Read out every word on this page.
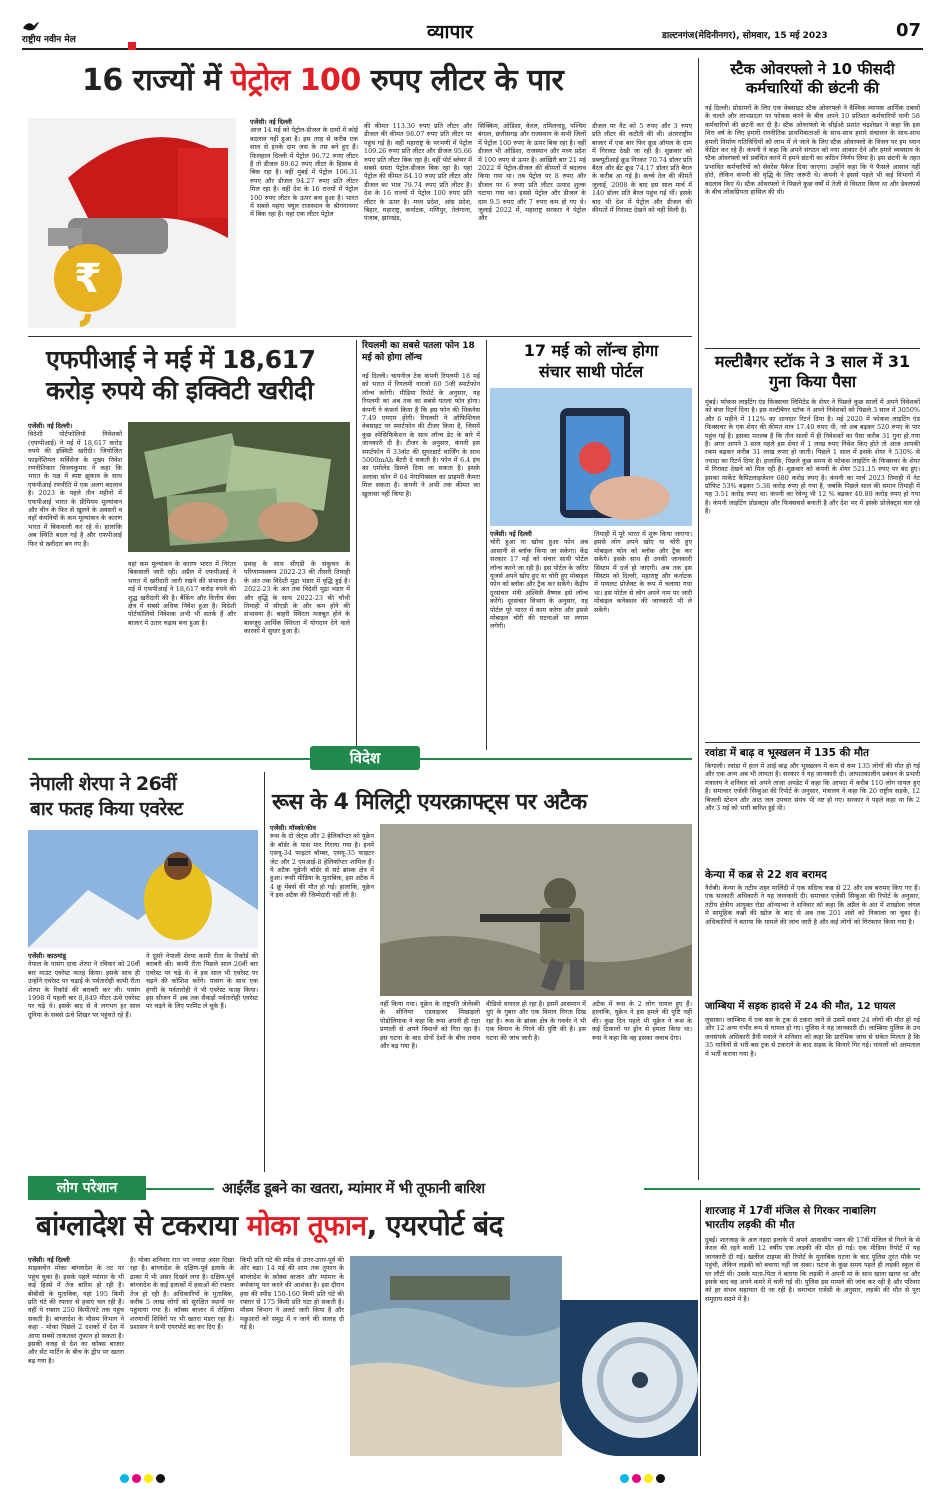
राष्ट्रीय नवीन मेल	व्यापार	डाल्टनगंज(मेदिनीनगर), सोमवार, 15 मई 2023	07
16 राज्यों में पेट्रोल 100 रुपए लीटर के पार
₹
एजेंसी। नई दिल्ली
आज 14 मई को पेट्रोल-डीजल के दामों में कोई बदलाव नहीं हुआ है। इस तरह से करीब एक साल से इनके दाम जस के तस बने हुए हैं। फिलहाल दिल्ली में पेट्रोल 96.72 रुपए लीटर है तो डीजल 89.62 रुपए लीटर के हिसाब से बिक रहा है। वहीं मुंबई में पेट्रोल 106.31 रुपए और डीजल 94.27 रुपए प्रति लीटर मिल रहा है। वहीं देश के 16 राज्यों में पेट्रोल 100 रुपए लीटर के ऊपर बना हुआ है। भारत में सबसे महंगा फ्यूल राजस्थान के श्रीगंगानगर में बिक रहा है। यहां एक लीटर पेट्रोल
की कीमत 113.30 रुपए प्रति लीटर और डीजल की कीमत 98.07 रुपए प्रति लीटर पर पहुंच गई है। वहीं महाराष्ट्र के परभणी में पेट्रोल 109.26 रुपए प्रति लीटर और डीजल 95.66 रुपए प्रति लीटर बिक रहा है। वहीं पोर्ट ब्लेयर में सबसे सस्ता पेट्रोल-डीजल बिक रहा है। यहां पेट्रोल की कीमत 84.10 रुपए प्रति लीटर और डीजल का भाव 79.74 रुपए प्रति लीटर है। देश के 16 राज्यों में पेट्रोल 100 रुपए प्रति लीटर के ऊपर है। मध्य प्रदेश, आंध्र प्रदेश, बिहार, महाराष्ट्र, कर्नाटक, मणिपुर, तेलंगाना, पंजाब, झारखंड,
सिक्किम, ओडिशा, केरल, तमिलनाडु, पश्चिम बंगाल, छत्तीसगढ़ और राजस्थान के सभी जिलों में पेट्रोल 100 रुपए के ऊपर बिक रहा है। वहीं डीजल भी ओडिशा, राजस्थान और मध्य प्रदेश में 100 रुपए से ऊपर है। आखिरी बार 21 मई 2022 में पेट्रोल-डीजल की कीमतों में बदलाव किया गया था। तब पेट्रोल पर 8 रुपए और डीजल पर 6 रुपए प्रति लीटर उत्पाद शुल्क घटाया गया था। इससे पेट्रोल और डीजल के दाम 9.5 रुपए और 7 रुपए कम हो गए थे। जुलाई 2022 में, महाराष्ट्र सरकार ने पेट्रोल और
डीजल पर वैट को 5 रुपए और 3 रुपए प्रति लीटर की कटौती की थी। अंतरराष्ट्रीय बाजार में एक बार फिर क्रूड ऑयल के दाम में गिरावट देखी जा रही है। शुक्रवार को डब्ल्यूटीआई क्रूड गिरकर 70.74 डॉलर प्रति बैरल और ब्रेंट क्रूड 74.17 डॉलर प्रति बैरल के करीब आ गई है। कच्चे तेल की कीमतें जुलाई, 2008 के बाद इस साल मार्च में 140 डॉलर प्रति बैरल पहुंच गई थीं। इसके बाद भी देश में पेट्रोल और डीजल की कीमतों में गिरावट देखने को नहीं मिली है।
स्टैक ओवरफ्लो ने 10 फीसदी कर्मचारियों की छंटनी की
नई दिल्ली। प्रोग्रामरों के लिए एक वेबसाइट स्टैक ओवरफ्लो ने वैश्विक व्यापक आर्थिक दबावों के चलते और लाभप्रदता पर फोकस करने के बीच अपने 10 प्रतिशत कर्मचारियों यानी 58 कर्मचारियों की छंटनी कर दी है। स्टैक ओवरफ्लो के सीईओ प्रशांत चंद्रशेखर ने कहा कि इस वित्त वर्ष के लिए हमारी रणनीतिक प्राथमिकताओं के साथ-साथ हमारे संचालन के साथ-साथ हमारी निर्माण गतिविधियों को लाभ में ले जाने के लिए स्टैक ओवरफ्लो के विजन पर हम ध्यान केंद्रित कर रहे हैं। कंपनी ने कहा कि अपने संगठन को नया आकार देने और हमारे व्यवसाय के स्टैक ओवरफ्लो को प्रबंधित करने में हमने छंटनी का कठिन निर्णय लिया है। इस छंटनी के तहत प्रभावित कर्मचारियों को सेवरेंस पैकेज दिया जाएगा। उन्होंने कहा कि ये फैसले आसान नहीं होते, लेकिन कंपनी की वृद्धि के लिए जरूरी थे। कंपनी ने इससे पहले भी कई विभागों में बदलाव किए थे। स्टैक ओवरफ्लो ने पिछले कुछ वर्षों में तेजी से विस्तार किया था और डेवलपर्स के बीच लोकप्रियता हासिल की थी।
मल्टीबैगर स्टॉक ने 3 साल में 31 गुना किया पैसा
मुंबई। फोकस लाइटिंग एंड फिक्सचर लिमिटेड के शेयर ने पिछले कुछ सालों में अपने निवेशकों को बंपर रिटर्न दिया है। इस मल्टीबैगर स्टॉक ने अपने निवेशकों को पिछले 3 साल में 3050% और 6 महीने में 112% का शानदार रिटर्न दिया है। मई 2020 में फोकस लाइटिंग एंड फिक्सचर के एक शेयर की कीमत मात्र 17.40 रुपए थी, जो अब बढ़कर 520 रुपए के पार पहुंच गई है। इसका मतलब है कि तीन सालों में ही निवेशकों का पैसा करीब 31 गुना हो गया है। अगर आपने 3 साल पहले इस शेयर में 1 लाख रुपए निवेश किए होते तो आज आपकी रकम बढ़कर करीब 31 लाख रुपए हो जाती। पिछले 1 साल में इसके शेयर ने 530% से ज्यादा का रिटर्न दिया है। हालांकि, पिछले कुछ समय से फोकस लाइटिंग के फिक्सचर के शेयर में गिरावट देखने को मिल रही है। शुक्रवार को कंपनी के शेयर 521.15 रुपए पर बंद हुए। इसका मार्केट कैपिटलाइजेशन 680 करोड़ रुपए है। कंपनी का मार्च 2023 तिमाही में नेट प्रॉफिट 53% बढ़कर 5.38 करोड़ रुपए हो गया है, जबकि पिछले साल की समान तिमाही में यह 3.51 करोड़ रुपए था। कंपनी का रेवेन्यू भी 12 % बढ़कर 40.89 करोड़ रुपए हो गया है। कंपनी लाइटिंग प्रोडक्ट्स और फिक्सचर्स बनाती है और देश भर में इसके प्रोजेक्ट्स चल रहे हैं।
एफपीआई ने मई में 18,617
करोड़ रुपये की इक्विटी खरीदी
एजेंसी। नई दिल्ली।
विदेशी पोर्टफोलियो निवेशकों (एफपीआई) ने मई में 18,617 करोड़ रुपये की इक्विटी खरीदी। जियोजित फाइनेंशियल सर्विसेज के मुख्य निवेश रणनीतिकार विजयकुमार ने कहा कि भारत के पक्ष में स्पष्ट झुकाव के साथ एफपीआई रणनीति में एक अलग बदलाव है। 2023 के पहले तीन महीनों में एफपीआई भारत के प्रीमियम मूल्यांकन और चीन के फिर से खुलने के अवसरों व वहाँ कंपनियों के कम मूल्यांकन के कारण भारत में बिकवाली कर रहे थे। हालांकि अब स्थिति बदल गई है और एफपीआई फिर से खरीदार बन गए हैं।
वहां कम मूल्यांकन के कारण भारत में निरंतर बिकवाली जारी रही। अप्रैल में एफपीआई ने भारत में खरीदारी जारी रखने की संभावना है। मई में एफपीआई ने 18,617 करोड़ रुपये की शुद्ध खरीदारी की है। बैंकिंग और वित्तीय सेवा क्षेत्र में सबसे अधिक निवेश हुआ है। विदेशी पोर्टफोलियो निवेशक अभी भी सतर्क हैं और बाजार में उतार चढ़ाव बना हुआ है।
प्रवाह के साथ सीएडी के संकुचन के परिणामस्वरूप 2022-23 की तीसरी तिमाही के अंत तक विदेशी मुद्रा भंडार में वृद्धि हुई है। 2022-23 के अंत तक विदेशी मुद्रा भंडार में और वृद्धि के साथ 2022-23 की चौथी तिमाही में सीएडी के और कम होने की संभावना है। बाहरी स्थिरता मजबूत होने के बावजूद आर्थिक स्थिरता में योगदान देने वाले कारकों में सुधार हुआ है।
रियलमी का सबसे पतला फोन 18 मई को होगा लॉन्च
नई दिल्ली। चायनीज टेक कंपनी रियलमी 18 मई को भारत में रियलमी नारजो 60 5जी स्मार्टफोन लॉन्च करेगी। मीडिया रिपोर्ट के अनुसार, यह रियलमी का अब तक का सबसे पतला फोन होगा। कंपनी ने कंफर्म किया है कि इस फोन की थिकनेस 7.49 एमएम होगी। रियलमी ने ऑफिशियल वेबसाइट पर स्मार्टफोन की टीजर किया है, जिसमें कुछ स्पेसिफिकेशन के साथ लॉन्च डेट के बारे में जानकारी दी है। टीजर के अनुसार, कंपनी इस स्मार्टफोन में 33वॉट की सुपरडार्ट चार्जिंग के साथ 5000mAh बैटरी दे सकती है। फोन में 6.4 इंच का एमोलेड डिस्प्ले दिया जा सकता है। इसके अलावा फोन में 64 मेगापिक्सल का प्राइमरी कैमरा मिल सकता है। कंपनी ने अभी तक कीमत का खुलासा नहीं किया है।
17 मई को लॉन्च होगा
संचार साथी पोर्टल
एजेंसी। नई दिल्ली
चोरी हुआ या खोया हुआ फोन अब आसानी से ब्लॉक किया जा सकेगा। केंद्र सरकार 17 मई को संचार साथी पोर्टल लॉन्च करने जा रही है। इस पोर्टल के जरिए यूजर्स अपने खोए हुए या चोरी हुए मोबाइल फोन को ब्लॉक और ट्रैक कर सकेंगे। केंद्रीय दूरसंचार मंत्री अश्विनी वैष्णव इसे लॉन्च करेंगे। दूरसंचार विभाग के अनुसार, यह पोर्टल पूरे भारत में काम करेगा और इससे मोबाइल चोरी की घटनाओं पर लगाम लगेगी।
तिमाही में पूरे भारत में शुरू किया जाएगा। इससे लोग अपने खोए या चोरी हुए मोबाइल फोन को ब्लॉक और ट्रैक कर सकेंगे। इसके साथ ही उनकी जानकारी सिस्टम में दर्ज हो जाएगी। अब तक इस सिस्टम को दिल्ली, महाराष्ट्र और कर्नाटक में पायलट प्रोजेक्ट के रूप में चलाया गया था। इस पोर्टल से लोग अपने नाम पर जारी मोबाइल कनेक्शन की जानकारी भी ले सकेंगे।
विदेश
नेपाली शेरपा ने 26वीं
बार फतह किया एवरेस्ट
एजेंसी। काठमांडू
नेपाल के पासंग दावा शेरपा ने रविवार को 26वीं बार माउंट एवरेस्ट फतह किया। इसके साथ ही उन्होंने एवरेस्ट पर चढ़ाई के पर्वतारोही कामी रीता शेरपा के रिकॉर्ड की बराबरी कर ली। पासंग 1998 में पहली बार 8,849 मीटर ऊंचे एवरेस्ट पर चढ़े थे। इसके बाद से वे लगभग हर साल दुनिया के सबसे ऊंचे शिखर पर पहुंचते रहे हैं।
ने दूसरे नेपाली शेरपा कामी रीता के रिकॉर्ड की बराबरी की। कामी रीता पिछले साल 26वीं बार एवरेस्ट पर चढ़े थे। वे इस साल भी एवरेस्ट पर चढ़ने की कोशिश करेंगे। पासंग के साथ एक हंगरी के पर्वतारोही ने भी एवरेस्ट फतह किया। इस सीजन में अब तक सैकड़ों पर्वतारोही एवरेस्ट पर चढ़ने के लिए परमिट ले चुके हैं।
रूस के 4 मिलिट्री एयरक्राफ्ट्स पर अटैक
एजेंसी। मॉस्को/कीव
रूस के दो जेट्स और 2 हेलिकॉप्टर को यूक्रेन के बॉर्डर के पास मार गिराया गया है। इनमें एसयू-34 फाइटर बॉम्बर, एसयू-35 फाइटर जेट और 2 एमआई-8 हेलिकॉप्टर शामिल हैं। ये अटैक यूक्रेनी बॉर्डर से सटे ब्रांस्क क्षेत्र में हुआ। रूसी मीडिया के मुताबिक, इस अटैक में 4 क्रू मेंबर्स की मौत हो गई। हालांकि, यूक्रेन ने इस अटैक की जिम्मेदारी नहीं ली है।
नहीं किया गया। यूक्रेन के राष्ट्रपति जेलेंस्की के सीनियर एडवाइजर मिखाइलो पोडोलियाक ने कहा कि रूस अपनी ही रक्षा प्रणाली से अपने विमानों को गिरा रहा है। इस घटना के बाद दोनों देशों के बीच तनाव और बढ़ गया है।
वीडियो वायरल हो रहा है। इसमें आसमान में धुएं के गुबार और एक विमान गिरता दिख रहा है। रूस के ब्रांस्क क्षेत्र के गवर्नर ने भी एक विमान के गिरने की पुष्टि की है। इस घटना की जांच जारी है।
अटैक में रूस के 2 लोग घायल हुए हैं। हालांकि, यूक्रेन ने इस हमले की पुष्टि नहीं की। कुछ दिन पहले भी यूक्रेन ने रूस के कई ठिकानों पर ड्रोन से हमला किया था। रूस ने कहा कि वह इसका जवाब देगा।
रवांडा में बाढ़ व भूस्खलन में 135 की मौत
किगाली। रवांडा में हाल में आई बाढ़ और भूस्खलन में कम से कम 135 लोगों की मौत हो गई और एक अन्य अब भी लापता है। सरकार ने यह जानकारी दी। आपातकालीन प्रबंधन के प्रभारी मंत्रालय ने शनिवार को अपने ताजा अपडेट में कहा कि आपदा में करीब 110 लोग घायल हुए हैं। समाचार एजेंसी सिन्हुआ की रिपोर्ट के अनुसार, मंत्रालय ने कहा कि 20 राष्ट्रीय सड़कें, 12 बिजली स्टेशन और आठ जल उपचार संयंत्र भी नष्ट हो गए। सरकार ने पहले कहा था कि 2 और 3 मई को भारी बारिश हुई थी।
केन्या में कब्र से 22 शव बरामद
नैरोबी। केन्या के तटीय शहर मालिंदी में एक संदिग्ध कब्र से 22 और शव बरामद किए गए हैं। एक सरकारी अधिकारी ने यह जानकारी दी। समाचार एजेंसी सिन्हुआ की रिपोर्ट के अनुसार, तटीय क्षेत्रीय आयुक्त रोडा ओन्यान्चा ने शनिवार को कहा कि अप्रैल के अंत में शाखोला जंगल में सामूहिक कब्रों की खोज के बाद से अब तक 201 शवों को निकाला जा चुका है। अधिकारियों ने बताया कि मामले की जांच जारी है और कई लोगों को गिरफ्तार किया गया है।
जाम्बिया में सड़क हादसे में 24 की मौत, 12 घायल
लुसाका। जाम्बिया में एक बस के ट्रक से टकरा जाने से उसमें सवार 24 लोगों की मौत हो गई और 12 अन्य गंभीर रूप से घायल हो गए। पुलिस ने यह जानकारी दी। जाम्बिया पुलिस के उप जनसंपर्क अधिकारी डैनी मवाले ने शनिवार को कहा कि प्रारंभिक जांच से संकेत मिलता है कि 35 यात्रियों से भरी बस ट्रक से टकराने के बाद सड़क के किनारे गिर गई। घायलों को अस्पताल में भर्ती कराया गया है।
लोग परेशान	आईलैंड डूबने का खतरा, म्यांमार में भी तूफानी बारिश
बांग्लादेश से टकराया मोका तूफान, एयरपोर्ट बंद
एजेंसी। नई दिल्ली
साइक्लोन मोका बांग्लादेश के तट पर पहुंच चुका है। इसके पहले म्यांमार के भी कई हिस्से में तेज बारिश हो रही है। बीबीसी के मुताबिक, यहां 195 किमी प्रति घंटे की रफ्तार से हवाएं चल रही हैं। वहीं ये रफ्तार 250 किमी/घंटे तक पहुंच सकती है। बांग्लादेश के मौसम विभाग ने कहा - मोका पिछले 2 दशकों में देश में आया सबसे ताकतवर तूफान हो सकता है। इसकी वजह से देश का कॉक्स बाजार और सेंट मार्टिन के बीच के द्वीप पर खतरा बढ़ गया है।
है। मोका शनिवार रात भर ज्यादा असर दिखा रहा है। बांग्लादेश के दक्षिण-पूर्व इलाके के ढाका में भी असर दिखने लगा है। दक्षिण-पूर्व बांग्लादेश के कई इलाकों में हवाओं की रफ्तार तेज हो रही है। अधिकारियों के मुताबिक, करीब 5 लाख लोगों को सुरक्षित स्थानों पर पहुंचाया गया है। कॉक्स बाजार में रोहिंग्या शरणार्थी शिविरों पर भी खतरा मंडरा रहा है। प्रशासन ने सभी एयरपोर्ट बंद कर दिए हैं।
किमी प्रति घंटे की स्पीड से उत्तर-उत्तर-पूर्व की ओर बढ़ा। 14 मई की शाम तक तूफान के बांग्लादेश के कॉक्स बाजार और म्यांमार के क्योकप्यू पार करने की आशंका है। इस दौरान हवा की स्पीड 150-160 किमी प्रति घंटे की रफ्तार से 175 किमी प्रति घंटा हो सकती है। मौसम विभाग ने अलर्ट जारी किया है और मछुआरों को समुद्र में न जाने की सलाह दी गई है।
शारजाह में 17वीं मंजिल से गिरकर नाबालिग
भारतीय लड़की की मौत
दुबई। शारजाह के अल नहदा इलाके में अपने आवासीय भवन की 17वीं मंजिल से गिरने के से केरल की रहने वाली 12 वर्षीय एक लड़की की मौत हो गई। एक मीडिया रिपोर्ट में यह जानकारी दी गई। खलीज टाइम्स की रिपोर्ट के मुताबिक घटना के बाद पुलिस तुरंत मौके पर पहुंची, लेकिन लड़की को बचाया नहीं जा सका। घटना के कुछ समय पहले ही लड़की स्कूल से घर लौटी थी। उसके माता-पिता ने बताया कि लड़की ने अपनी मां के साथ खाना खाया था और इसके बाद वह अपने कमरे में चली गई थी। पुलिस इस मामले की जांच कर रही है और परिवार को हर संभव सहायता दी जा रही है। समाचार एजेंसी के अनुसार, लड़की की मौत से पूरा समुदाय सदमे में है।
